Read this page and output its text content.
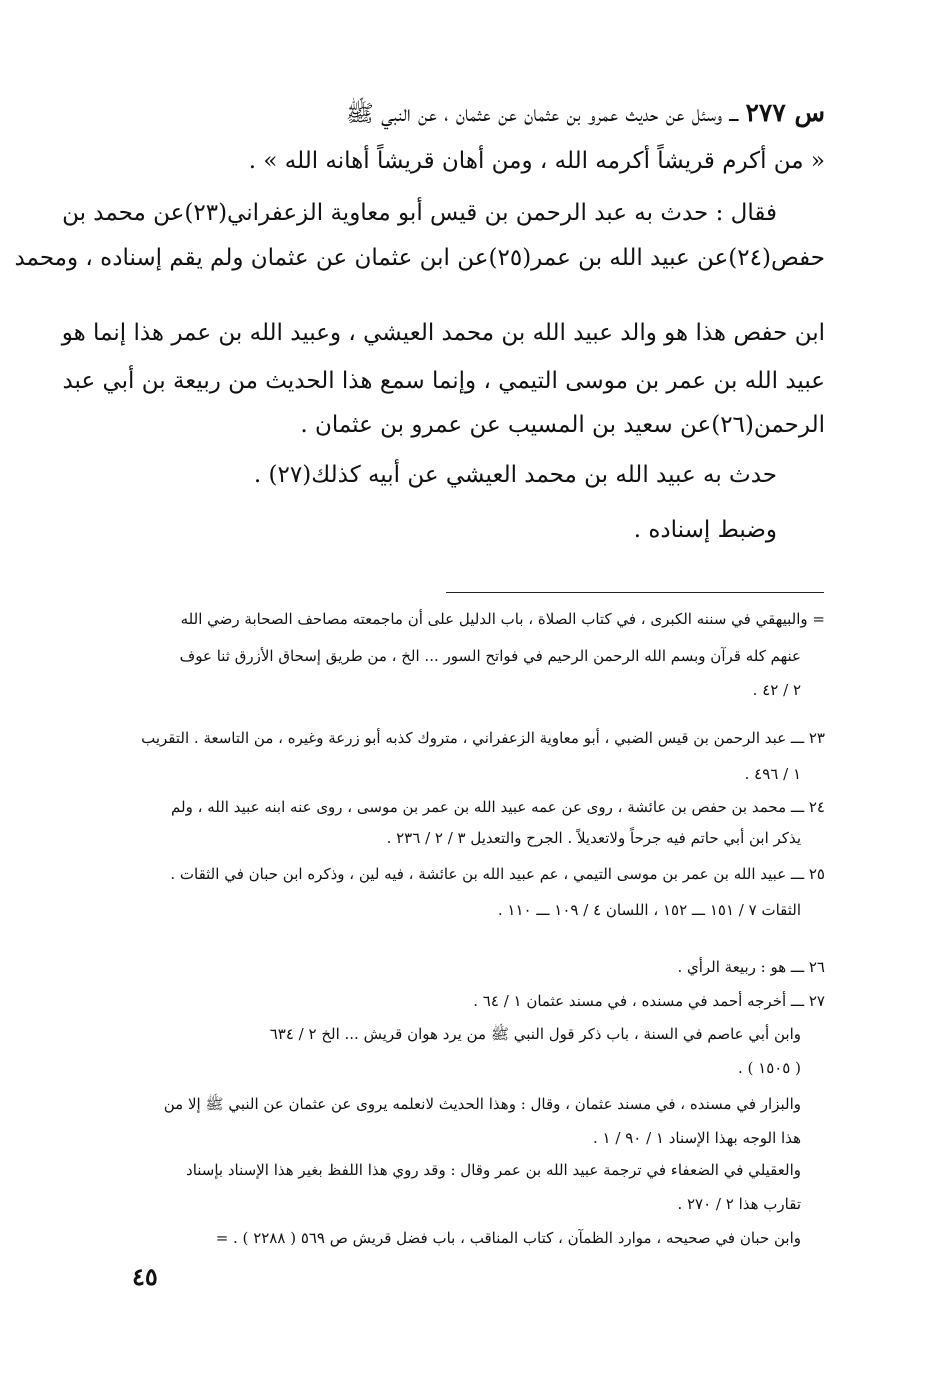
س ٢٧٧ ـــ وسئل عن حديث عمرو بن عثمان عن عثمان ، عن النبي ﷺ
« من أكرم قريشاً أكرمه الله ، ومن أهان قريشاً أهانه الله » .
فقال : حدث به عبد الرحمن بن قيس أبو معاوية الزعفراني(٢٣)عن محمد بن
حفص(٢٤)عن عبيد الله بن عمر(٢٥)عن ابن عثمان عن عثمان ولم يقم إسناده ، ومحمد
ابن حفص هذا هو والد عبيد الله بن محمد العيشي ، وعبيد الله بن عمر هذا إنما هو
عبيد الله بن عمر بن موسى التيمي ، وإنما سمع هذا الحديث من ربيعة بن أبي عبد
الرحمن(٢٦)عن سعيد بن المسيب عن عمرو بن عثمان .
حدث به عبيد الله بن محمد العيشي عن أبيه كذلك(٢٧) .
وضبط إسناده .
= والبيهقي في سننه الكبرى ، في كتاب الصلاة ، باب الدليل على أن ماجمعته مصاحف الصحابة رضي الله
عنهم كله قرآن وبسم الله الرحمن الرحيم في فواتح السور ... الخ ، من طريق إسحاق الأزرق ثنا عوف
٢ / ٤٢ .
٢٣ ـــ عبد الرحمن بن قيس الضبي ، أبو معاوية الزعفراني ، متروك كذبه أبو زرعة وغيره ، من التاسعة . التقريب
١ / ٤٩٦ .
٢٤ ـــ محمد بن حفص بن عائشة ، روى عن عمه عبيد الله بن عمر بن موسى ، روى عنه ابنه عبيد الله ، ولم
يذكر ابن أبي حاتم فيه جرحاً ولاتعديلاً . الجرح والتعديل ٣ / ٢ / ٢٣٦ .
٢٥ ـــ عبيد الله بن عمر بن موسى التيمي ، عم عبيد الله بن عائشة ، فيه لين ، وذكره ابن حبان في الثقات .
الثقات ٧ / ١٥١ ـــ ١٥٢ ، اللسان ٤ / ١٠٩ ـــ ١١٠ .
٢٦ ـــ هو : ربيعة الرأي .
٢٧ ـــ أخرجه أحمد في مسنده ، في مسند عثمان ١ / ٦٤ .
وابن أبي عاصم في السنة ، باب ذكر قول النبي ﷺ من يرد هوان قريش ... الخ ٢ / ٦٣٤
( ١٥٠٥ ) .
والبزار في مسنده ، في مسند عثمان ، وقال : وهذا الحديث لانعلمه يروى عن عثمان عن النبي ﷺ إلا من
هذا الوجه بهذا الإسناد ١ / ٩٠ / ١ .
والعقيلي في الضعفاء في ترجمة عبيد الله بن عمر وقال : وقد روي هذا اللفظ بغير هذا الإسناد بإسناد
تقارب هذا ٢ / ٢٧٠ .
وابن حبان في صحيحه ، موارد الظمآن ، كتاب المناقب ، باب فضل قريش ص ٥٦٩ ( ٢٢٨٨ ) . =
٤٥
